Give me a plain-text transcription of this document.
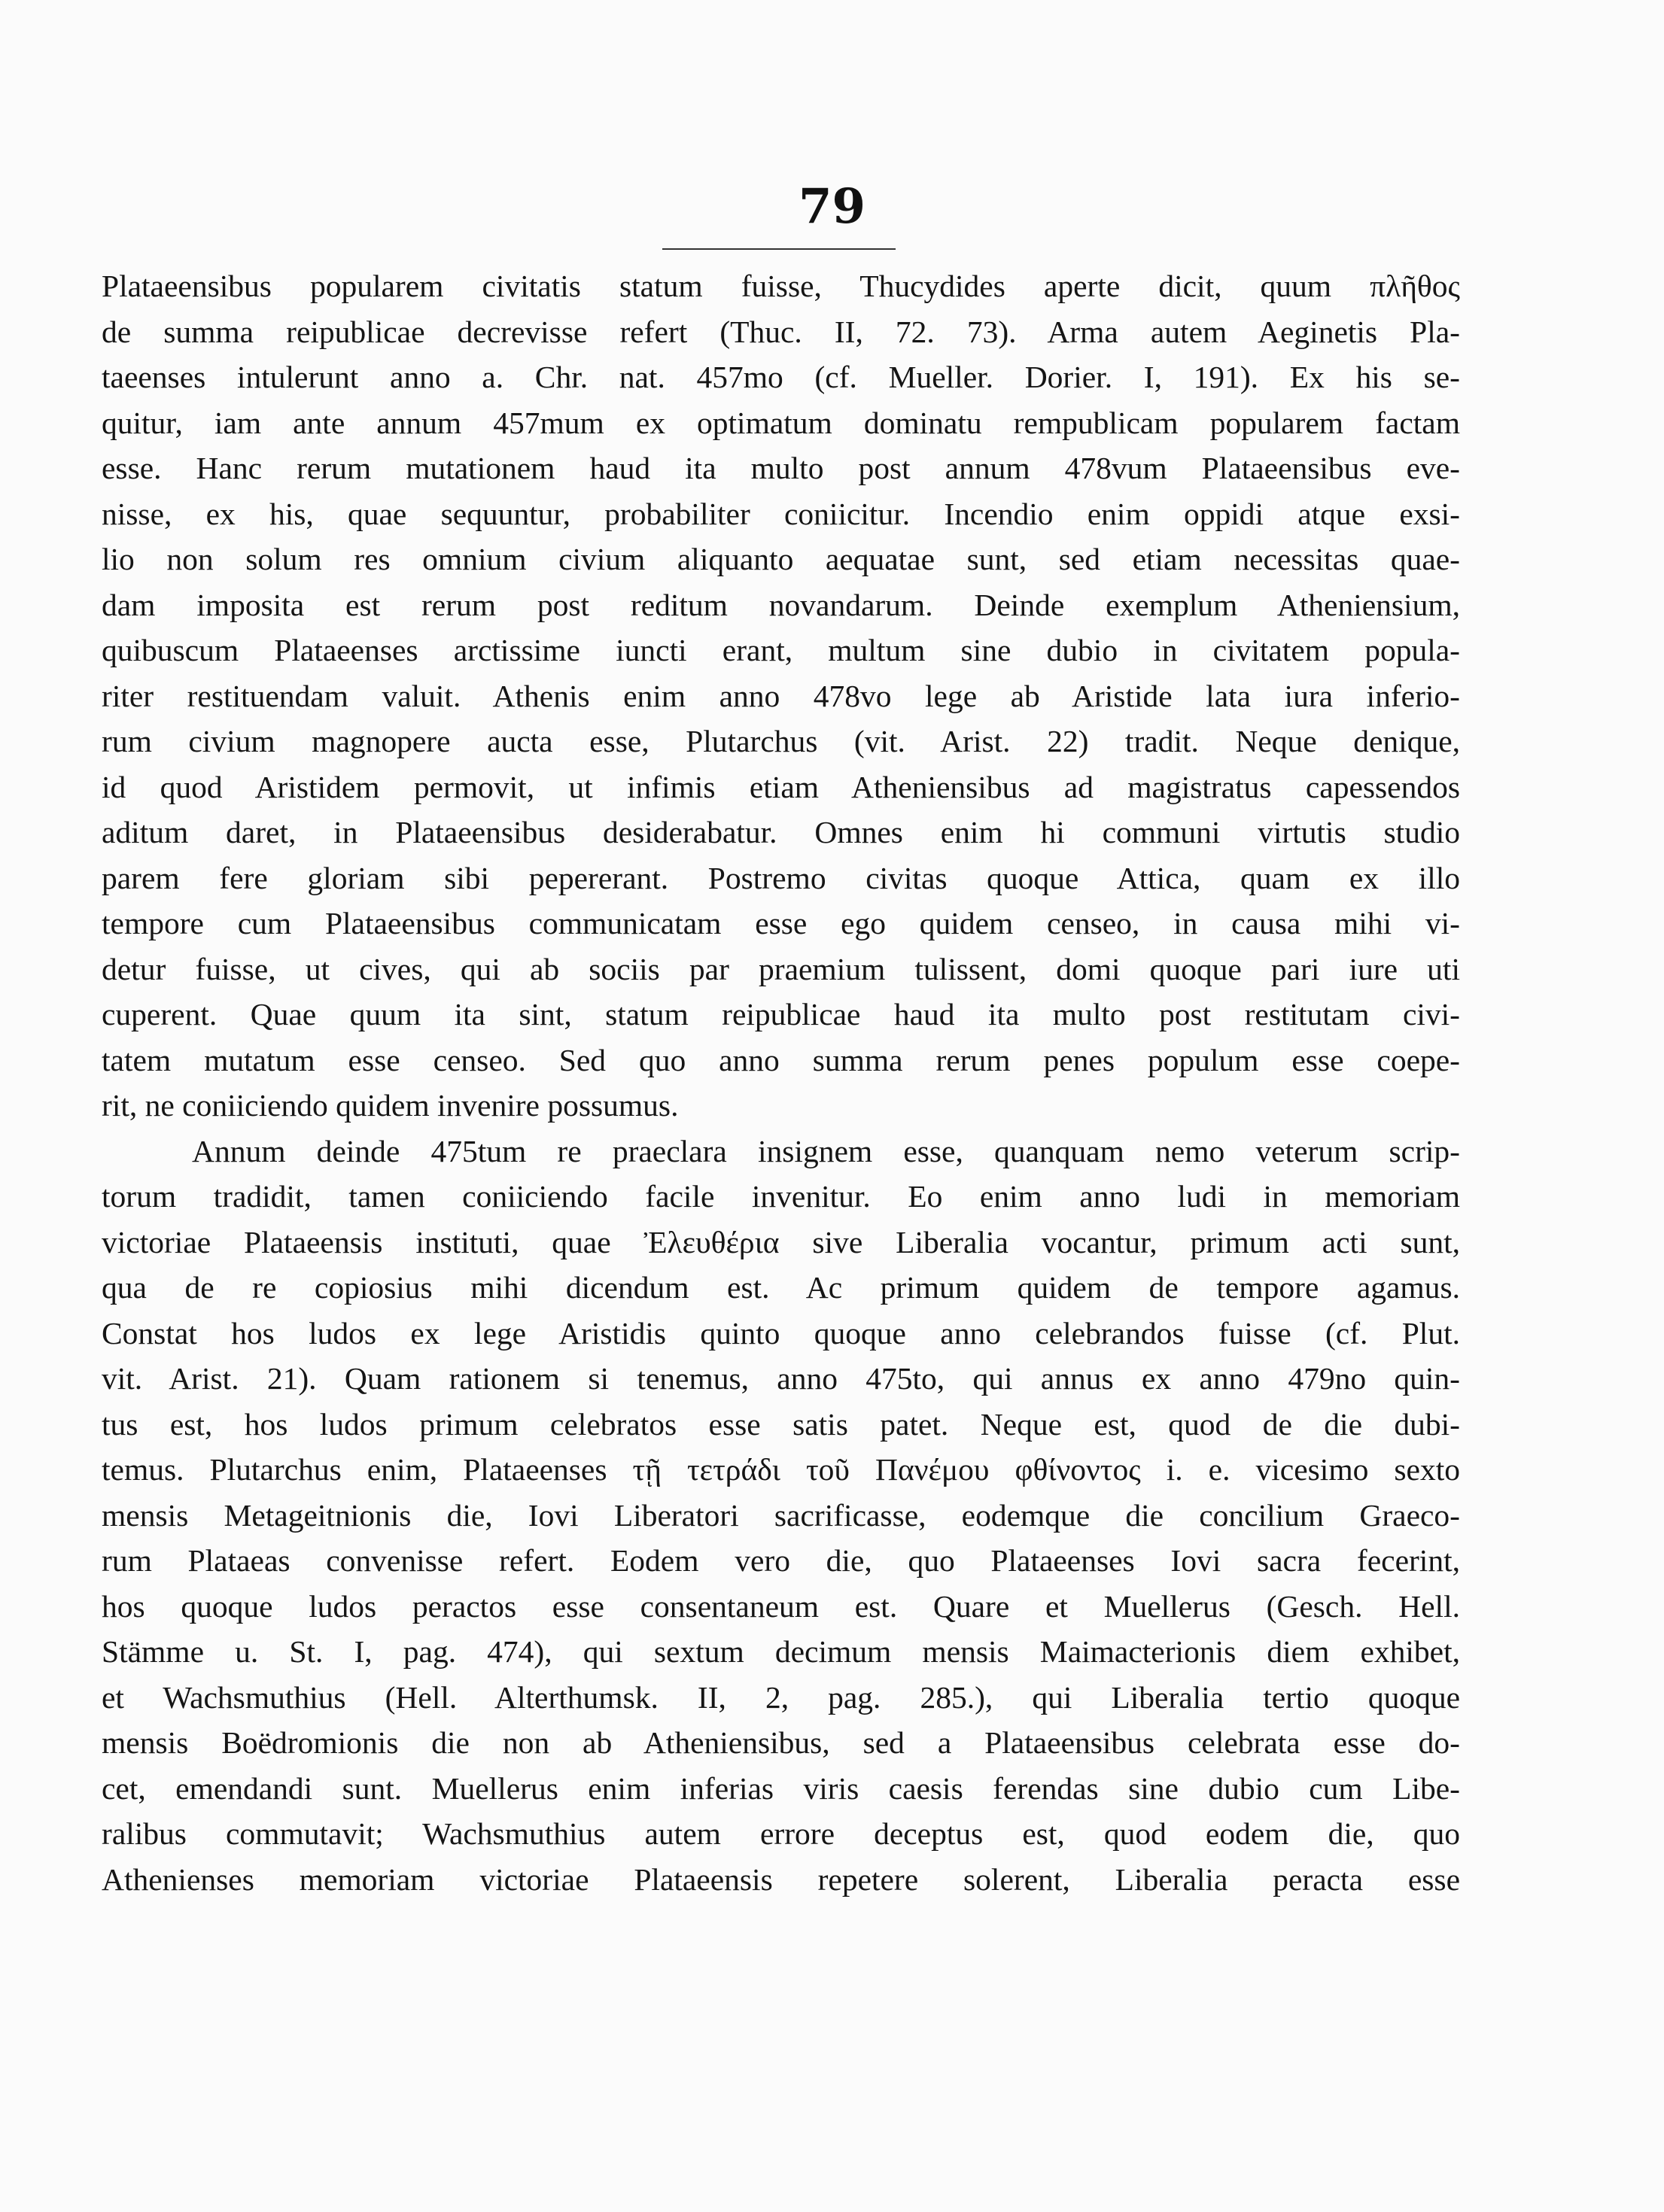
79
Plataeensibus popularem civitatis statum fuisse, Thucydides aperte dicit, quum πλῆθος
de summa reipublicae decrevisse refert (Thuc. II, 72. 73). Arma autem Aeginetis Pla-
taeenses intulerunt anno a. Chr. nat. 457mo (cf. Mueller. Dorier. I, 191). Ex his se-
quitur, iam ante annum 457mum ex optimatum dominatu rempublicam popularem factam
esse. Hanc rerum mutationem haud ita multo post annum 478vum Plataeensibus eve-
nisse, ex his, quae sequuntur, probabiliter coniicitur. Incendio enim oppidi atque exsi-
lio non solum res omnium civium aliquanto aequatae sunt, sed etiam necessitas quae-
dam imposita est rerum post reditum novandarum. Deinde exemplum Atheniensium,
quibuscum Plataeenses arctissime iuncti erant, multum sine dubio in civitatem popula-
riter restituendam valuit. Athenis enim anno 478vo lege ab Aristide lata iura inferio-
rum civium magnopere aucta esse, Plutarchus (vit. Arist. 22) tradit. Neque denique,
id quod Aristidem permovit, ut infimis etiam Atheniensibus ad magistratus capessendos
aditum daret, in Plataeensibus desiderabatur. Omnes enim hi communi virtutis studio
parem fere gloriam sibi pepererant. Postremo civitas quoque Attica, quam ex illo
tempore cum Plataeensibus communicatam esse ego quidem censeo, in causa mihi vi-
detur fuisse, ut cives, qui ab sociis par praemium tulissent, domi quoque pari iure uti
cuperent. Quae quum ita sint, statum reipublicae haud ita multo post restitutam civi-
tatem mutatum esse censeo. Sed quo anno summa rerum penes populum esse coepe-
rit, ne coniiciendo quidem invenire possumus.
Annum deinde 475tum re praeclara insignem esse, quanquam nemo veterum scrip-
torum tradidit, tamen coniiciendo facile invenitur. Eo enim anno ludi in memoriam
victoriae Plataeensis instituti, quae Ἐλευθέρια sive Liberalia vocantur, primum acti sunt,
qua de re copiosius mihi dicendum est. Ac primum quidem de tempore agamus.
Constat hos ludos ex lege Aristidis quinto quoque anno celebrandos fuisse (cf. Plut.
vit. Arist. 21). Quam rationem si tenemus, anno 475to, qui annus ex anno 479no quin-
tus est, hos ludos primum celebratos esse satis patet. Neque est, quod de die dubi-
temus. Plutarchus enim, Plataeenses τῇ τετράδι τοῦ Πανέμου φθίνοντος i. e. vicesimo sexto
mensis Metageitnionis die, Iovi Liberatori sacrificasse, eodemque die concilium Graeco-
rum Plataeas convenisse refert. Eodem vero die, quo Plataeenses Iovi sacra fecerint,
hos quoque ludos peractos esse consentaneum est. Quare et Muellerus (Gesch. Hell.
Stämme u. St. I, pag. 474), qui sextum decimum mensis Maimacterionis diem exhibet,
et Wachsmuthius (Hell. Alterthumsk. II, 2, pag. 285.), qui Liberalia tertio quoque
mensis Boëdromionis die non ab Atheniensibus, sed a Plataeensibus celebrata esse do-
cet, emendandi sunt. Muellerus enim inferias viris caesis ferendas sine dubio cum Libe-
ralibus commutavit; Wachsmuthius autem errore deceptus est, quod eodem die, quo
Athenienses memoriam victoriae Plataeensis repetere solerent, Liberalia peracta esse
